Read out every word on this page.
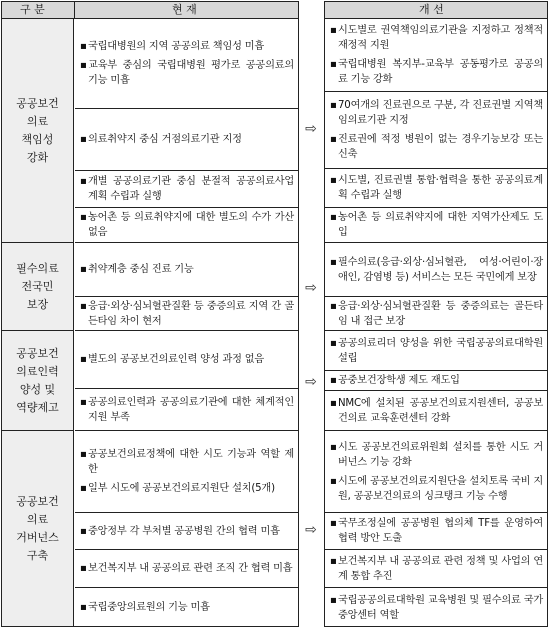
구 분	현 재
공공보건
의료
책임성
강화
▪ 국립대병원의 지역 공공의료 책임성 미흡
▪ 교육부 중심의 국립대병원 평가로 공공의료의 기능 미흡
▪ 의료취약지 중심 거점의료기관 지정
▪ 개별 공공의료기관 중심 분절적 공공의료사업 계획 수립과 실행
▪ 농어촌 등 의료취약지에 대한 별도의 수가 가산 없음
필수의료
전국민
보장
▪ 취약계층 중심 진료 기능
▪ 응급·외상·심뇌혈관질환 등 중증의료 지역 간 골든타임 차이 현저
공공보건
의료인력
양성 및
역량제고
▪ 별도의 공공보건의료인력 양성 과정 없음
▪ 공공의료인력과 공공의료기관에 대한 체계적인 지원 부족
공공보건
의료
거버넌스
구축
▪ 공공보건의료정책에 대한 시도 기능과 역할 제한
▪ 일부 시도에 공공보건의료지원단 설치(5개)
▪ 중앙정부 각 부처별 공공병원 간의 협력 미흡
▪ 보건복지부 내 공공의료 관련 조직 간 협력 미흡
▪ 국립중앙의료원의 기능 미흡
⇨
⇨
⇨
⇨
개 선
▪ 시도별로 권역책임의료기관을 지정하고 정책적 재정적 지원
▪ 국립대병원 복지부-교육부 공동평가로 공공의료 기능 강화
▪ 70여개의 진료권으로 구분, 각 진료권별 지역책임의료기관 지정
▪ 진료권에 적정 병원이 없는 경우기능보강 또는 신축
▪ 시도별, 진료권별 통합·협력을 통한 공공의료계획 수립과 실행
▪ 농어촌 등 의료취약지에 대한 지역가산제도 도입
▪ 필수의료(응급·외상·심뇌혈관, 여성·어린이·장애인, 감염병 등) 서비스는 모든 국민에게 보장
▪ 응급·외상·심뇌혈관질환 등 중증의료는 골든타임 내 접근 보장
▪ 공공의료리더 양성을 위한 국립공공의료대학원 설립
▪ 공중보건장학생 제도 재도입
▪ NMC에 설치된 공공보건의료지원센터, 공공보건의료 교육훈련센터 강화
▪ 시도 공공보건의료위원회 설치를 통한 시도 거버넌스 기능 강화
▪ 시도에 공공보건의료지원단을 설치토록 국비 지원, 공공보건의료의 싱크탱크 기능 수행
▪ 국무조정실에 공공병원 협의체 TF를 운영하여 협력 방안 도출
▪ 보건복지부 내 공공의료 관련 정책 및 사업의 연계 통합 추진
▪ 국립공공의료대학원 교육병원 및 필수의료 국가중앙센터 역할
